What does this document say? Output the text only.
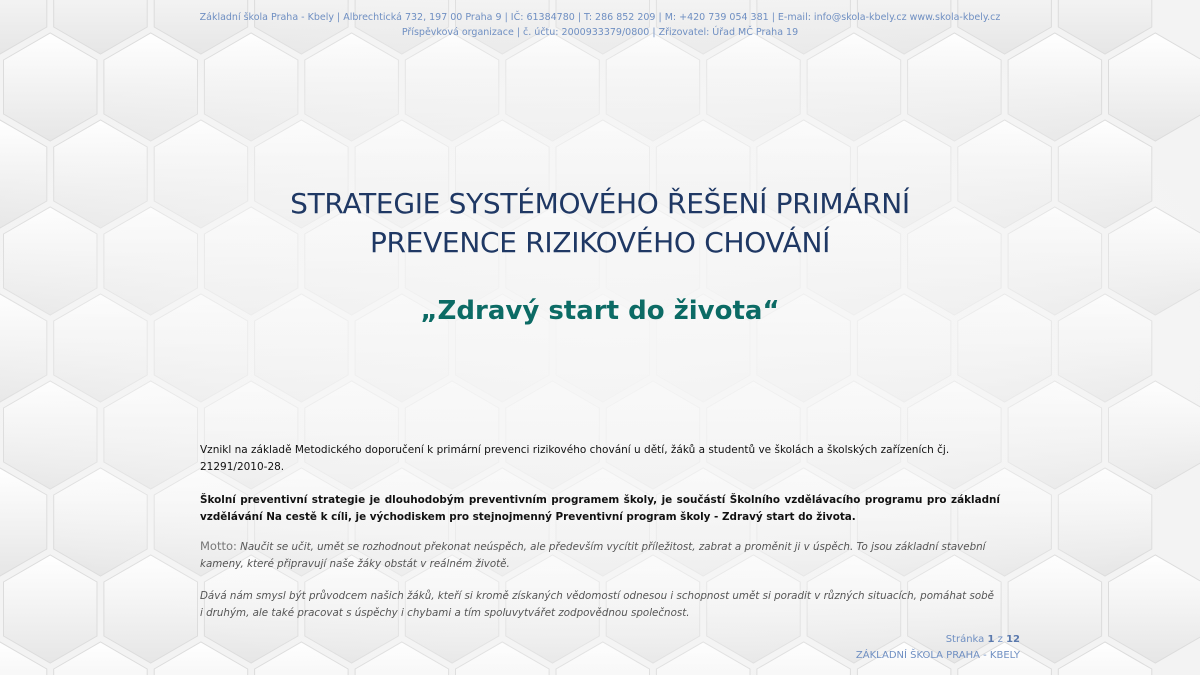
Základní škola Praha - Kbely | Albrechtická 732, 197 00 Praha 9 | IČ: 61384780 | T: 286 852 209 | M: +420 739 054 381 | E-mail: info@skola-kbely.cz www.skola-kbely.cz
Příspěvková organizace | č. účtu: 2000933379/0800 | Zřizovatel: Úřad MČ Praha 19
STRATEGIE SYSTÉMOVÉHO ŘEŠENÍ PRIMÁRNÍ
PREVENCE RIZIKOVÉHO CHOVÁNÍ
„Zdravý start do života“

Vznikl na základě Metodického doporučení k primární prevenci rizikového chování u dětí, žáků a studentů ve školách a školských zařízeních čj. 21291/2010-28.

Školní preventivní strategie je dlouhodobým preventivním programem školy, je součástí Školního vzdělávacího programu pro základní vzdělávání Na cestě k cíli, je východiskem pro stejnojmenný Preventivní program školy - Zdravý start do života.

Motto: Naučit se učit, umět se rozhodnout překonat neúspěch, ale především vycítit příležitost, zabrat a proměnit ji v úspěch. To jsou základní stavební kameny, které připravují naše žáky obstát v reálném životě.

Dává nám smysl být průvodcem našich žáků, kteří si kromě získaných vědomostí odnesou i schopnost umět si poradit v různých situacích, pomáhat sobě i druhým, ale také pracovat s úspěchy i chybami a tím spoluvytvářet zodpovědnou společnost.

Stránka 1 z 12
ZÁKLADNÍ ŠKOLA PRAHA - KBELY
